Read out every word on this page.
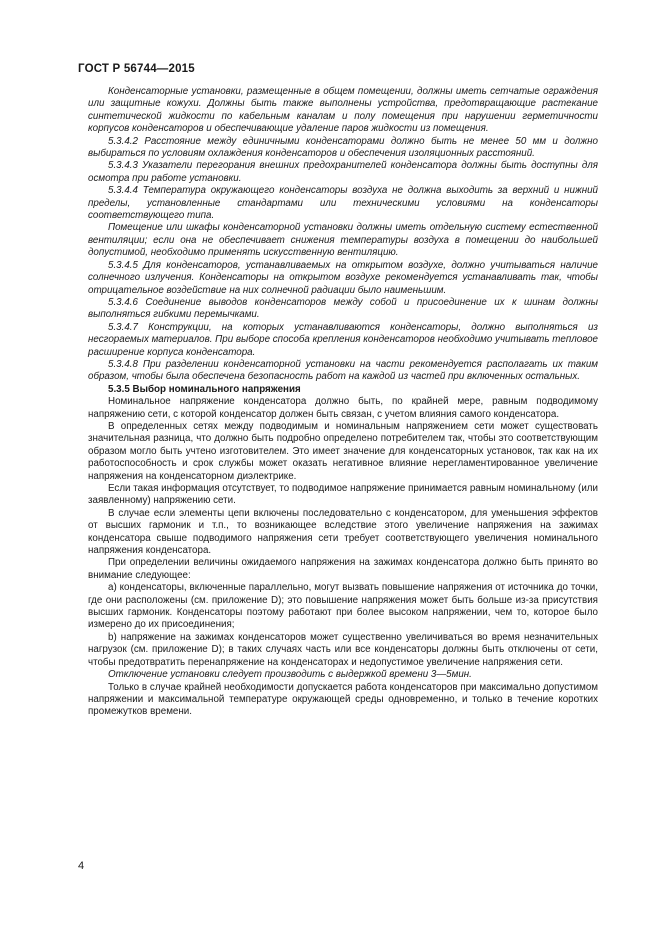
ГОСТ Р 56744—2015

Конденсаторные установки, размещенные в общем помещении, должны иметь сетчатые ограждения или защитные кожухи. Должны быть также выполнены устройства, предотвращающие растекание синтетической жидкости по кабельным каналам и полу помещения при нарушении герметичности корпусов конденсаторов и обеспечивающие удаление паров жидкости из помещения.

5.3.4.2 Расстояние между единичными конденсаторами должно быть не менее 50 мм и должно выбираться по условиям охлаждения конденсаторов и обеспечения изоляционных расстояний.

5.3.4.3 Указатели перегорания внешних предохранителей конденсатора должны быть доступны для осмотра при работе установки.

5.3.4.4 Температура окружающего конденсаторы воздуха не должна выходить за верхний и нижний пределы, установленные стандартами или техническими условиями на конденсаторы соответствующего типа.

Помещение или шкафы конденсаторной установки должны иметь отдельную систему естественной вентиляции; если она не обеспечивает снижения температуры воздуха в помещении до наибольшей допустимой, необходимо применять искусственную вентиляцию.

5.3.4.5 Для конденсаторов, устанавливаемых на открытом воздухе, должно учитываться наличие солнечного излучения. Конденсаторы на открытом воздухе рекомендуется устанавливать так, чтобы отрицательное воздействие на них солнечной радиации было наименьшим.

5.3.4.6 Соединение выводов конденсаторов между собой и присоединение их к шинам должны выполняться гибкими перемычками.

5.3.4.7 Конструкции, на которых устанавливаются конденсаторы, должно выполняться из несгораемых материалов. При выборе способа крепления конденсаторов необходимо учитывать тепловое расширение корпуса конденсатора.

5.3.4.8 При разделении конденсаторной установки на части рекомендуется располагать их таким образом, чтобы была обеспечена безопасность работ на каждой из частей при включенных остальных.

5.3.5 Выбор номинального напряжения

Номинальное напряжение конденсатора должно быть, по крайней мере, равным подводимому напряжению сети, с которой конденсатор должен быть связан, с учетом влияния самого конденсатора.

В определенных сетях между подводимым и номинальным напряжением сети может существовать значительная разница, что должно быть подробно определено потребителем так, чтобы это соответствующим образом могло быть учтено изготовителем. Это имеет значение для конденсаторных установок, так как на их работоспособность и срок службы может оказать негативное влияние нерегламентированное увеличение напряжения на конденсаторном диэлектрике.

Если такая информация отсутствует, то подводимое напряжение принимается равным номинальному (или заявленному) напряжению сети.

В случае если элементы цепи включены последовательно с конденсатором, для уменьшения эффектов от высших гармоник и т.п., то возникающее вследствие этого увеличение напряжения на зажимах конденсатора свыше подводимого напряжения сети требует соответствующего увеличения номинального напряжения конденсатора.

При определении величины ожидаемого напряжения на зажимах конденсатора должно быть принято во внимание следующее:

а) конденсаторы, включенные параллельно, могут вызвать повышение напряжения от источника до точки, где они расположены (см. приложение D); это повышение напряжения может быть больше из-за присутствия высших гармоник. Конденсаторы поэтому работают при более высоком напряжении, чем то, которое было измерено до их присоединения;

b) напряжение на зажимах конденсаторов может существенно увеличиваться во время незначительных нагрузок (см. приложение D); в таких случаях часть или все конденсаторы должны быть отключены от сети, чтобы предотвратить перенапряжение на конденсаторах и недопустимое увеличение напряжения сети.

Отключение установки следует производить с выдержкой времени 3—5мин.

Только в случае крайней необходимости допускается работа конденсаторов при максимально допустимом напряжении и максимальной температуре окружающей среды одновременно, и только в течение коротких промежутков времени.

4
